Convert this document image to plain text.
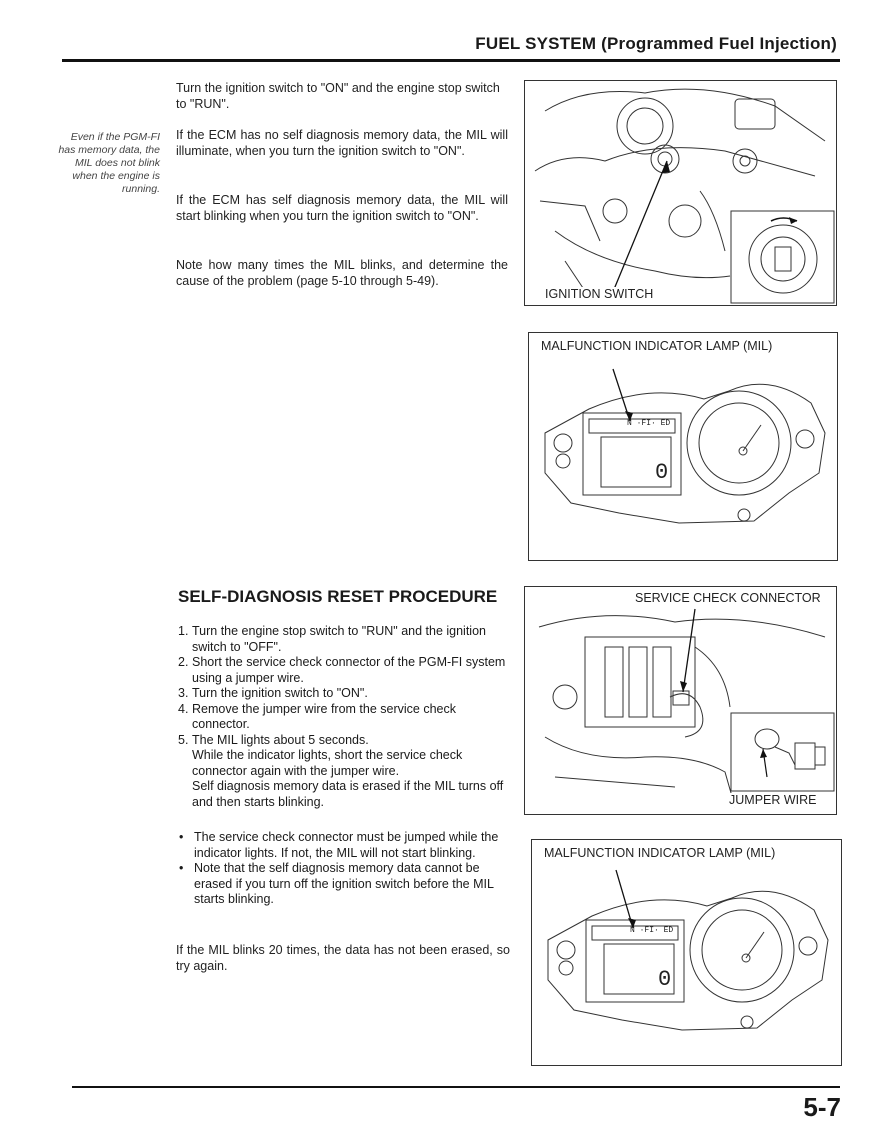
FUEL SYSTEM (Programmed Fuel Injection)
Even if the PGM-FI has memory data, the MIL does not blink when the engine is running.
Turn the ignition switch to "ON" and the engine stop switch to "RUN".
If the ECM has no self diagnosis memory data, the MIL will illuminate, when you turn the ignition switch to "ON".
If the ECM has self diagnosis memory data, the MIL will start blinking when you turn the ignition switch to "ON".
Note how many times the MIL blinks, and determine the cause of the problem (page 5-10 through 5-49).
SELF-DIAGNOSIS RESET PROCEDURE
1. Turn the engine stop switch to "RUN" and the ignition switch to "OFF".
2. Short the service check connector of the PGM-FI system using a jumper wire.
3. Turn the ignition switch to "ON".
4. Remove the jumper wire from the service check connector.
5. The MIL lights about 5 seconds.
While the indicator lights, short the service check connector again with the jumper wire.
Self diagnosis memory data is erased if the MIL turns off and then starts blinking.
• The service check connector must be jumped while the indicator lights. If not, the MIL will not start blinking.
• Note that the self diagnosis memory data cannot be erased if you turn off the ignition switch before the MIL starts blinking.
If the MIL blinks 20 times, the data has not been erased, so try again.
IGNITION SWITCH
0
MALFUNCTION INDICATOR LAMP (MIL)
N ·FI· ED
SERVICE CHECK CONNECTOR
JUMPER WIRE
0
MALFUNCTION INDICATOR LAMP (MIL)
N ·FI· ED
5-7
